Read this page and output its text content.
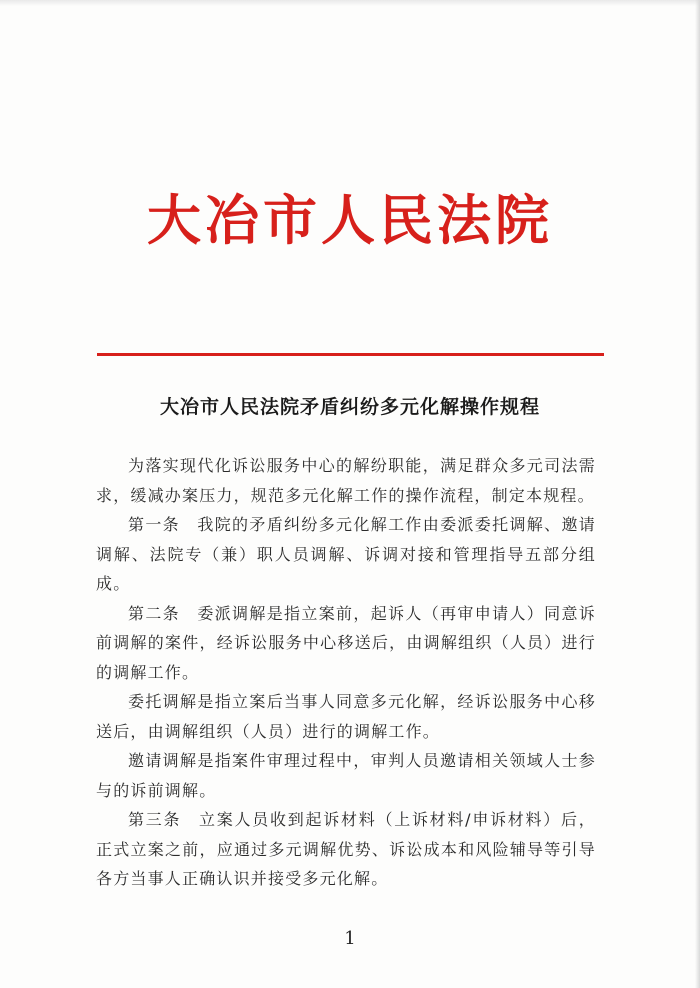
大冶市人民法院
大冶市人民法院矛盾纠纷多元化解操作规程

为落实现代化诉讼服务中心的解纷职能，满足群众多元司法需求，缓减办案压力，规范多元化解工作的操作流程，制定本规程。

第一条　我院的矛盾纠纷多元化解工作由委派委托调解、邀请调解、法院专（兼）职人员调解、诉调对接和管理指导五部分组成。

第二条　委派调解是指立案前，起诉人（再审申请人）同意诉前调解的案件，经诉讼服务中心移送后，由调解组织（人员）进行的调解工作。

委托调解是指立案后当事人同意多元化解，经诉讼服务中心移送后，由调解组织（人员）进行的调解工作。

邀请调解是指案件审理过程中，审判人员邀请相关领域人士参与的诉前调解。

第三条　立案人员收到起诉材料（上诉材料/申诉材料）后，正式立案之前，应通过多元调解优势、诉讼成本和风险辅导等引导各方当事人正确认识并接受多元化解。

1
